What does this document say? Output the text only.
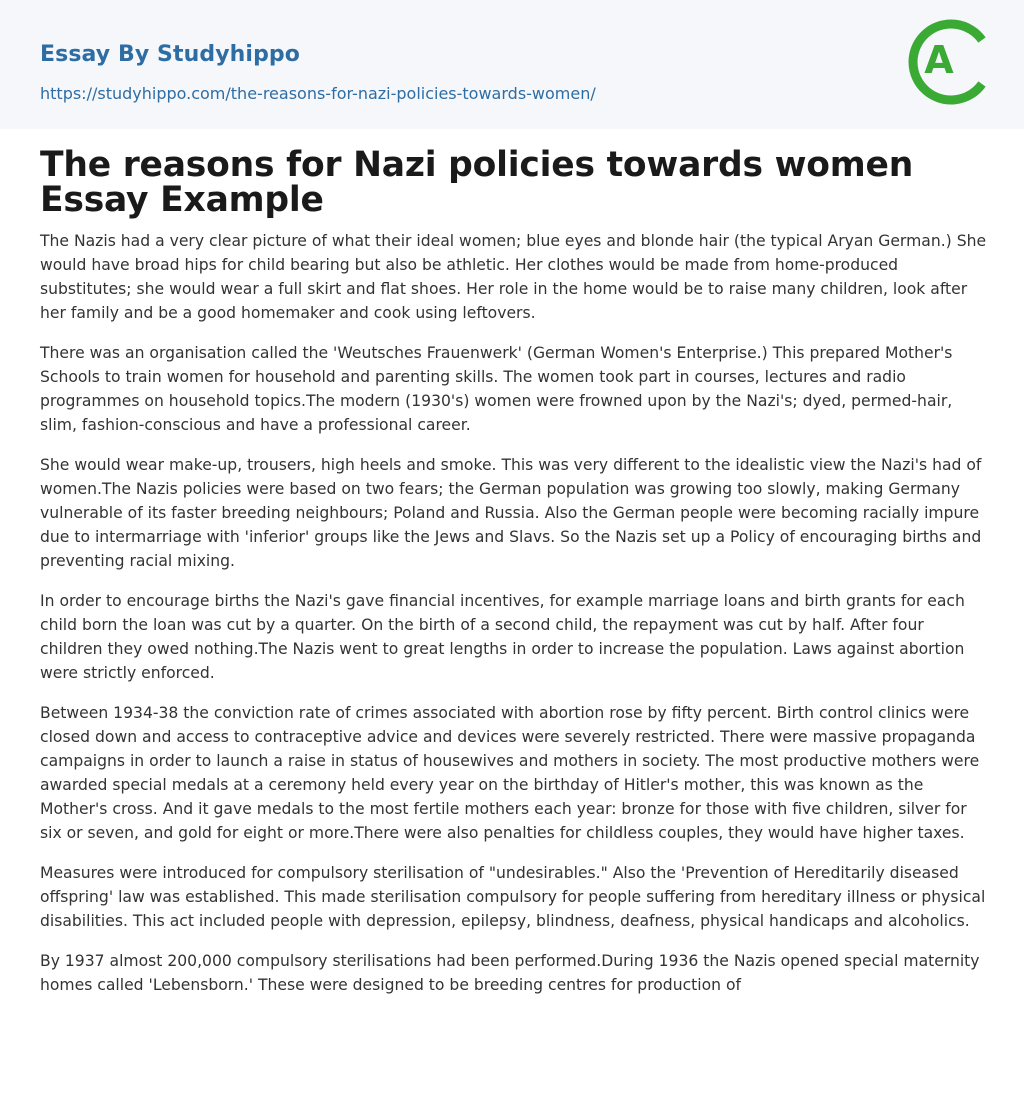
Essay By Studyhippo
https://studyhippo.com/the-reasons-for-nazi-policies-towards-women/
A
The reasons for Nazi policies towards women Essay Example

The Nazis had a very clear picture of what their ideal women; blue eyes and blonde hair (the typical Aryan German.) She would have broad hips for child bearing but also be athletic. Her clothes would be made from home-produced substitutes; she would wear a full skirt and flat shoes. Her role in the home would be to raise many children, look after her family and be a good homemaker and cook using leftovers.

There was an organisation called the 'Weutsches Frauenwerk' (German Women's Enterprise.) This prepared Mother's Schools to train women for household and parenting skills. The women took part in courses, lectures and radio programmes on household topics.The modern (1930's) women were frowned upon by the Nazi's; dyed, permed-hair, slim, fashion-conscious and have a professional career.

She would wear make-up, trousers, high heels and smoke. This was very different to the idealistic view the Nazi's had of women.The Nazis policies were based on two fears; the German population was growing too slowly, making Germany vulnerable of its faster breeding neighbours; Poland and Russia. Also the German people were becoming racially impure due to intermarriage with 'inferior' groups like the Jews and Slavs. So the Nazis set up a Policy of encouraging births and preventing racial mixing.

In order to encourage births the Nazi's gave financial incentives, for example marriage loans and birth grants for each child born the loan was cut by a quarter. On the birth of a second child, the repayment was cut by half. After four children they owed nothing.The Nazis went to great lengths in order to increase the population. Laws against abortion were strictly enforced.

Between 1934-38 the conviction rate of crimes associated with abortion rose by fifty percent. Birth control clinics were closed down and access to contraceptive advice and devices were severely restricted. There were massive propaganda campaigns in order to launch a raise in status of housewives and mothers in society. The most productive mothers were awarded special medals at a ceremony held every year on the birthday of Hitler's mother, this was known as the Mother's cross. And it gave medals to the most fertile mothers each year: bronze for those with five children, silver for six or seven, and gold for eight or more.There were also penalties for childless couples, they would have higher taxes.

Measures were introduced for compulsory sterilisation of "undesirables." Also the 'Prevention of Hereditarily diseased offspring' law was established. This made sterilisation compulsory for people suffering from hereditary illness or physical disabilities. This act included people with depression, epilepsy, blindness, deafness, physical handicaps and alcoholics.

By 1937 almost 200,000 compulsory sterilisations had been performed.During 1936 the Nazis opened special maternity homes called 'Lebensborn.' These were designed to be breeding centres for production of
